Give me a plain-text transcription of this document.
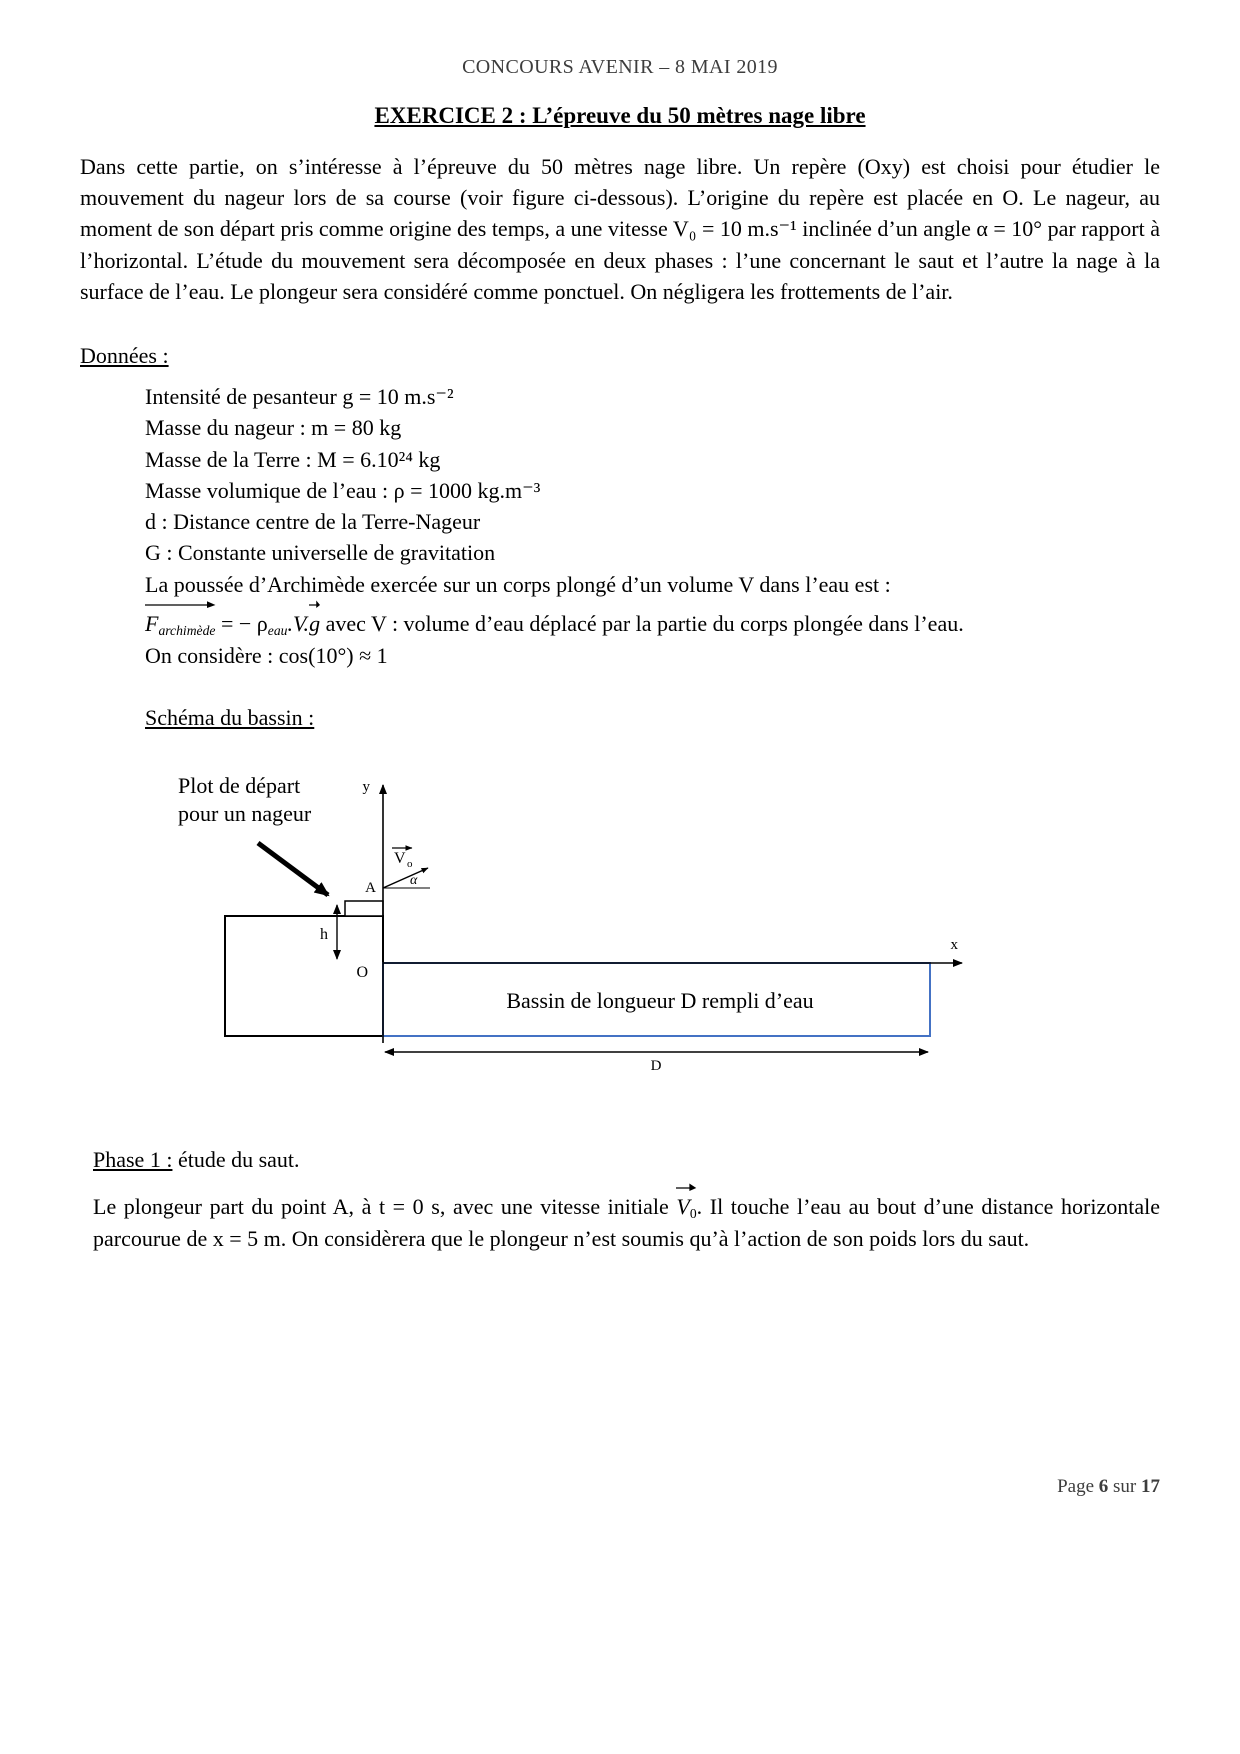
CONCOURS AVENIR – 8 MAI 2019
EXERCICE 2 : L’épreuve du 50 mètres nage libre

Dans cette partie, on s’intéresse à l’épreuve du 50 mètres nage libre. Un repère (Oxy) est choisi pour étudier le mouvement du nageur lors de sa course (voir figure ci-dessous). L’origine du repère est placée en O. Le nageur, au moment de son départ pris comme origine des temps, a une vitesse V₀ = 10 m.s⁻¹ inclinée d’un angle α = 10° par rapport à l’horizontal. L’étude du mouvement sera décomposée en deux phases : l’une concernant le saut et l’autre la nage à la surface de l’eau. Le plongeur sera considéré comme ponctuel. On négligera les frottements de l’air.

Données :

Intensité de pesanteur g = 10 m.s⁻²
Masse du nageur : m = 80 kg
Masse de la Terre : M = 6.10²⁴ kg
Masse volumique de l’eau : ρ = 1000 kg.m⁻³
d : Distance centre de la Terre-Nageur
G : Constante universelle de gravitation
La poussée d’Archimède exercée sur un corps plongé d’un volume V dans l’eau est :
$F_{archimède}$ = − $\rho_{eau}.V$.
g avec V : volume d’eau déplacé par la partie du corps plongée dans l’eau.
On considère : cos(10°) ≈ 1

Schéma du bassin :

Plot de départ
pour un nageur
Bassin de longueur D rempli d’eau
y
x
O
h
A
V o
α
D

Phase 1 : étude du saut.

Le plongeur part du point A, à t = 0 s, avec une vitesse initiale
$V_0$. Il touche l’eau au bout d’une distance horizontale parcourue de x = 5 m. On considèrera que le plongeur n’est soumis qu’à l’action de son poids lors du saut.

Page 6 sur 17
